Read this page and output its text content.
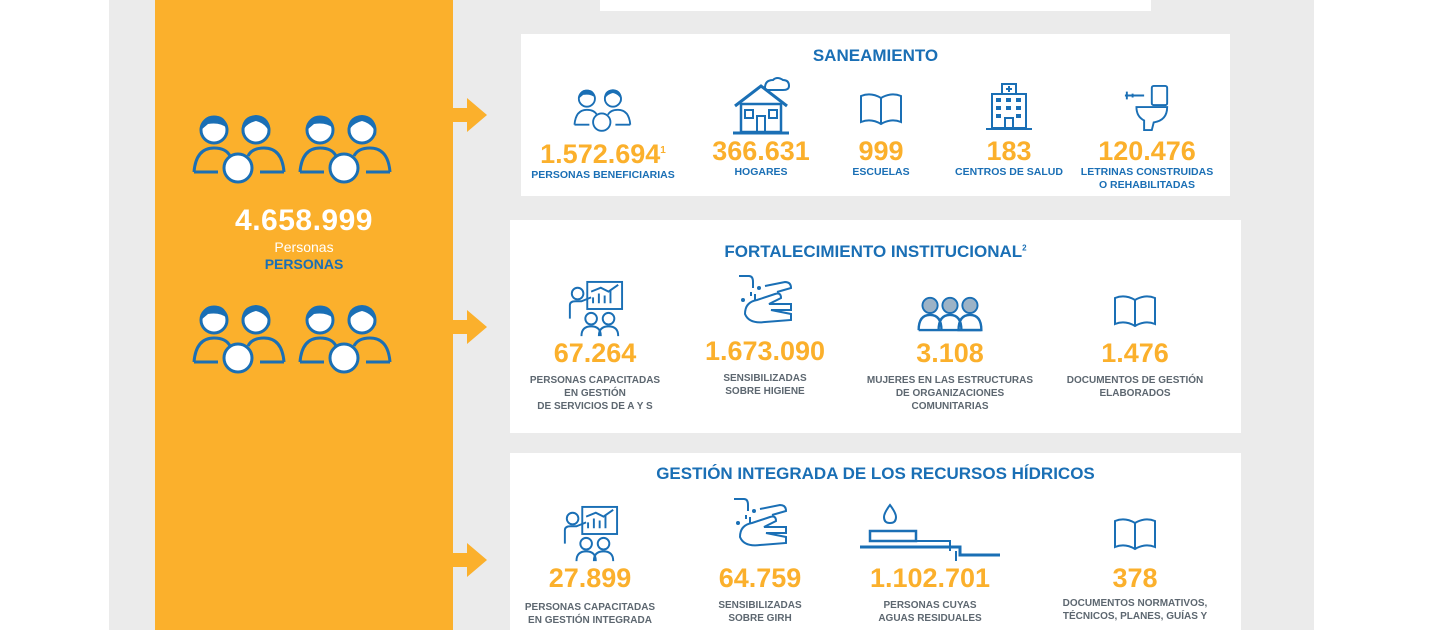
4.658.999
Personas
PERSONAS
SANEAMIENTO
1.572.694$^1$
PERSONAS BENEFICIARIAS
366.631
HOGARES
999
ESCUELAS
183
CENTROS DE SALUD
120.476
LETRINAS CONSTRUIDAS
O REHABILITADAS
FORTALECIMIENTO INSTITUCIONAL$^2$
67.264
PERSONAS CAPACITADAS
EN GESTIÓN
DE SERVICIOS DE A Y S
1.673.090
SENSIBILIZADAS
SOBRE HIGIENE
3.108
MUJERES EN LAS ESTRUCTURAS
DE ORGANIZACIONES
COMUNITARIAS
1.476
DOCUMENTOS DE GESTIÓN
ELABORADOS
GESTIÓN INTEGRADA DE LOS RECURSOS HÍDRICOS
27.899
PERSONAS CAPACITADAS
EN GESTIÓN INTEGRADA
64.759
SENSIBILIZADAS
SOBRE GIRH
1.102.701
PERSONAS CUYAS
AGUAS RESIDUALES
378
DOCUMENTOS NORMATIVOS,
TÉCNICOS, PLANES, GUÍAS Y
